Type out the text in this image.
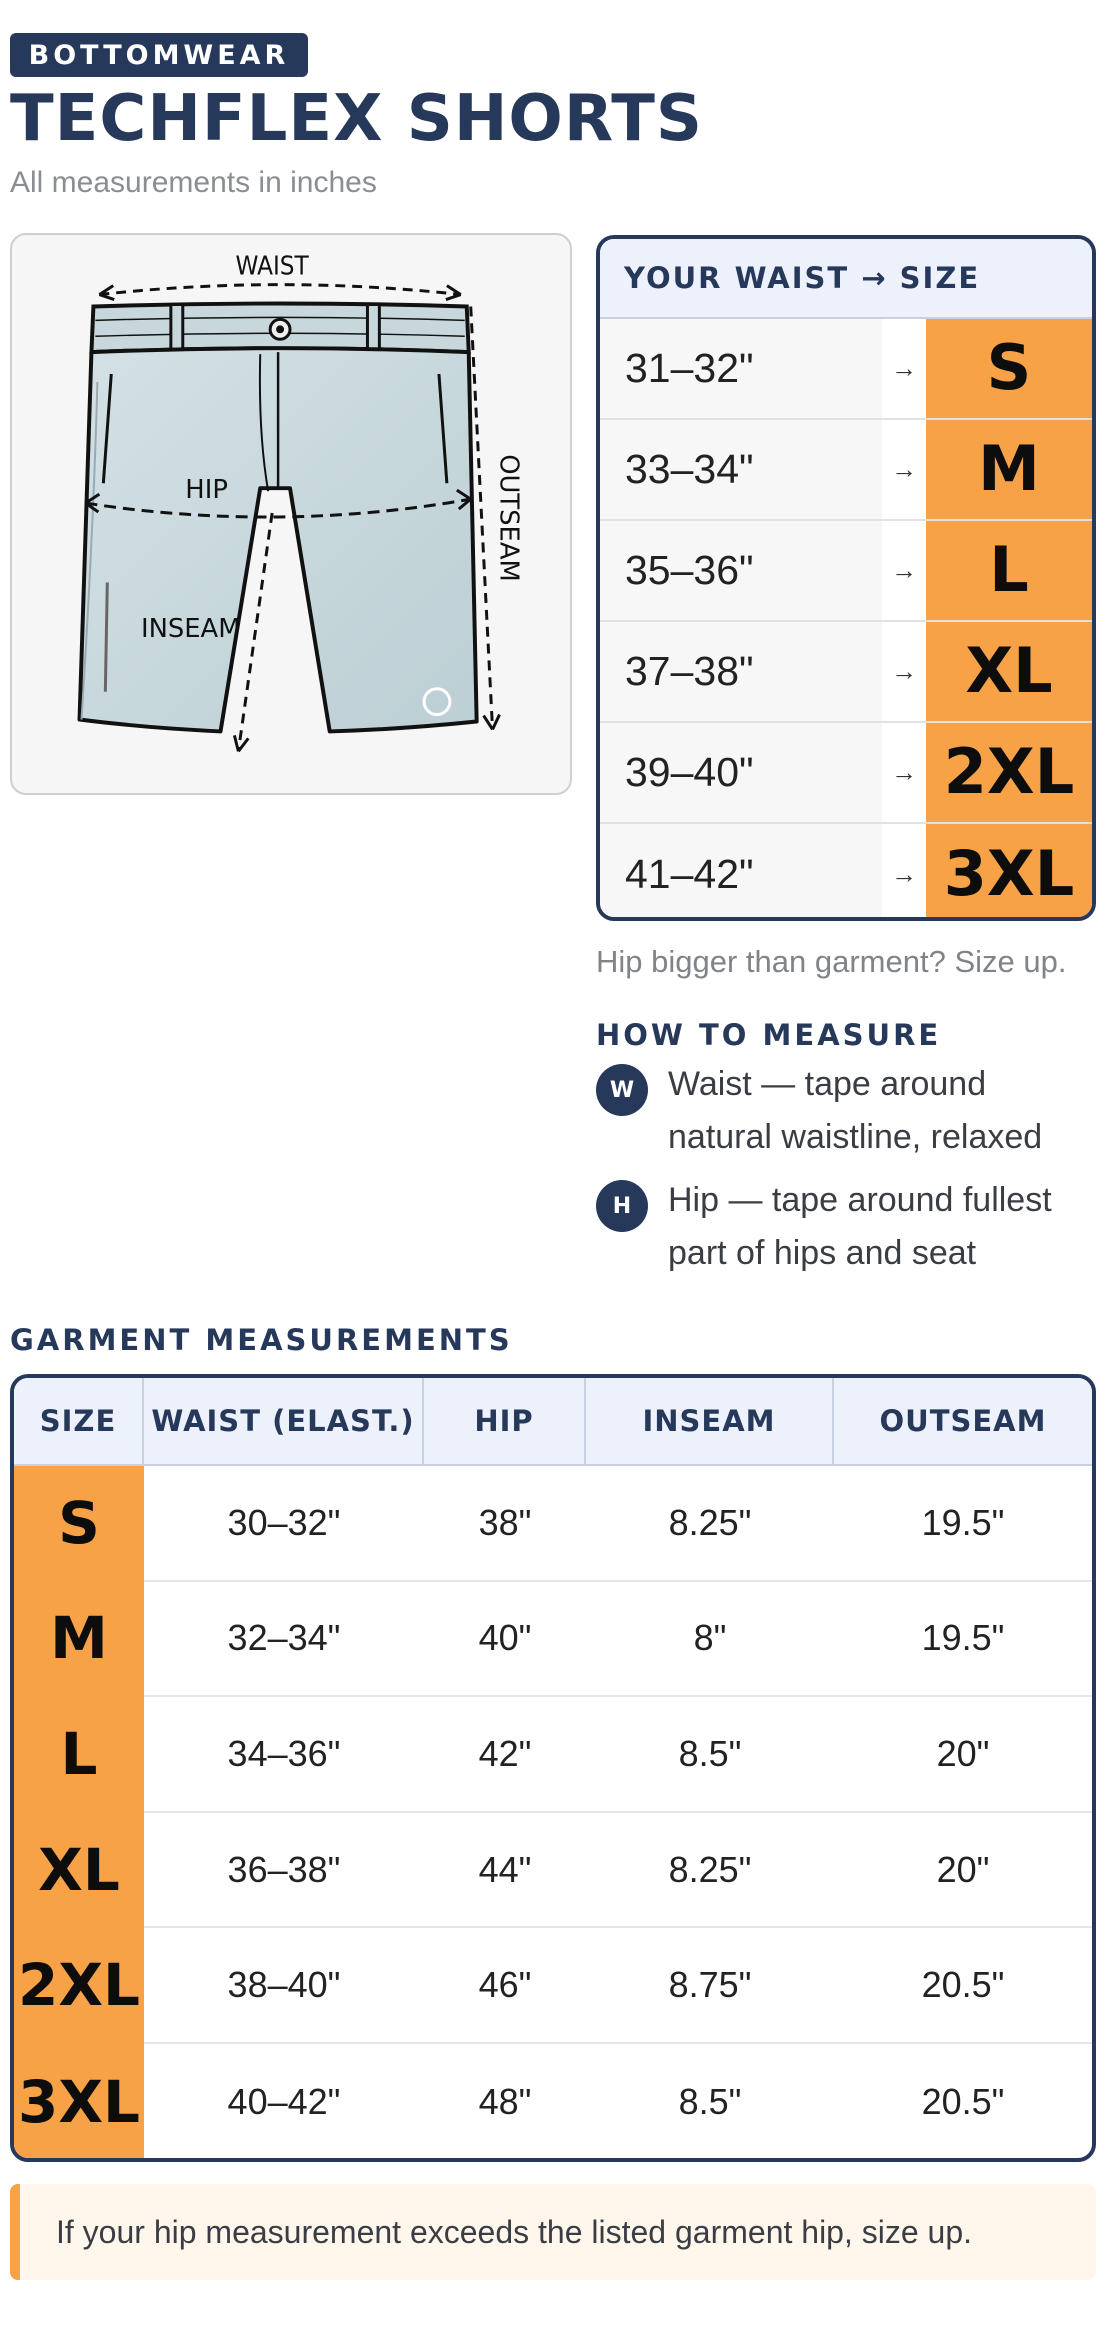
BOTTOMWEAR
TECHFLEX SHORTS
All measurements in inches
WAIST
HIP
INSEAM
OUTSEAM
YOUR WAIST → SIZE
31–32"	→	S
33–34"	→ M
35–36"	→	L
37–38"	→ XL
39–40"	→ 2XL
41–42"	→ 3XL
Hip bigger than garment? Size up.
HOW TO MEASURE
W Waist — tape around natural waistline, relaxed
H	Hip — tape around fullest part of hips and seat
GARMENT MEASUREMENTS
SIZE	WAIST (ELAST.)	HIP	INSEAM	OUTSEAM
S	30–32"	38"	8.25"	19.5"
M	32–34"	40"	8"	19.5"
L	34–36"	42"	8.5"	20"
XL	36–38"	44"	8.25"	20"
2XL	38–40"	46"	8.75"	20.5"
3XL	40–42"	48"	8.5"	20.5"
If your hip measurement exceeds the listed garment hip, size up.
